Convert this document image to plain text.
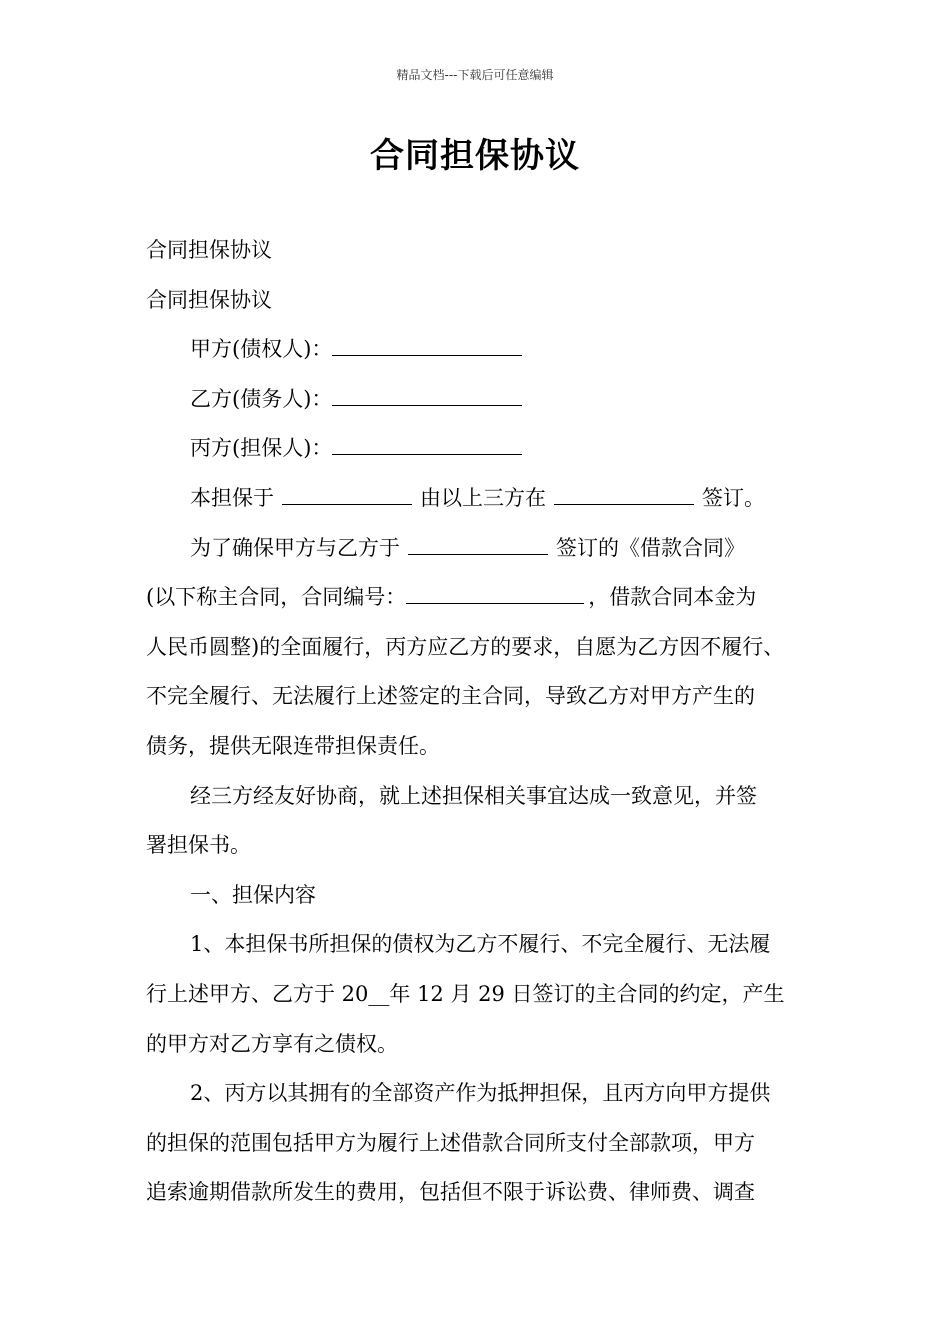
精品文档---下载后可任意编辑
合同担保协议

合同担保协议

合同担保协议

甲方(债权人)：

乙方(债务人)：

丙方(担保人)：

本担保于	由以上三方在	签订。

为了确保甲方与乙方于	签订的《借款合同》

(以下称主合同，合同编号：	，借款合同本金为

人民币圆整)的全面履行，丙方应乙方的要求，自愿为乙方因不履行、

不完全履行、无法履行上述签定的主合同，导致乙方对甲方产生的

债务，提供无限连带担保责任。

经三方经友好协商，就上述担保相关事宜达成一致意见，并签

署担保书。

一、担保内容

1、本担保书所担保的债权为乙方不履行、不完全履行、无法履

行上述甲方、乙方于 20__年 12 月 29 日签订的主合同的约定，产生

的甲方对乙方享有之债权。

2、丙方以其拥有的全部资产作为抵押担保，且丙方向甲方提供

的担保的范围包括甲方为履行上述借款合同所支付全部款项，甲方

追索逾期借款所发生的费用，包括但不限于诉讼费、律师费、调查
